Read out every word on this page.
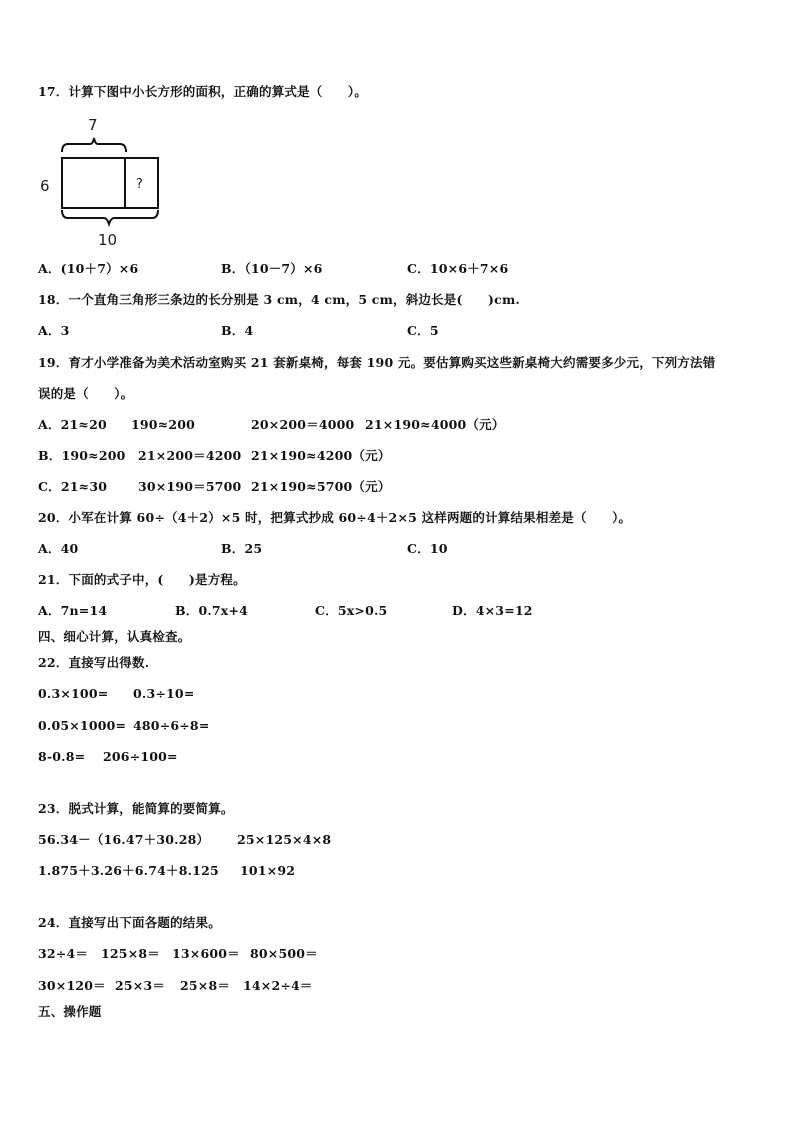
17．计算下图中小长方形的面积，正确的算式是（　　）。
7
?
6
10
A．(10＋7）×6	B．（10－7）×6	C．10×6＋7×6
18．一个直角三角形三条边的长分别是 3 cm，4 cm，5 cm，斜边长是(　　)cm.
A．3	B．4	C．5
19．育才小学准备为美术活动室购买 21 套新桌椅，每套 190 元。要估算购买这些新桌椅大约需要多少元，下列方法错
误的是（　　）。
A．21≈20 190≈200	20×200＝4000 21×190≈4000（元）
B．190≈200 21×200＝4200 21×190≈4200（元）
C．21≈30 30×190＝5700 21×190≈5700（元）
20．小军在计算 60÷（4＋2）×5 时，把算式抄成 60÷4＋2×5 这样两题的计算结果相差是（　　）。
A．40	B．25	C．10
21．下面的式子中，(　　)是方程。
A．7n=14	B．0.7x+4	C．5x>0.5	D．4×3=12
四、细心计算，认真检查。
22．直接写出得数.
0.3×100= 0.3÷10=
0.05×1000= 480÷6÷8=
8-0.8= 206÷100=
23．脱式计算，能简算的要简算。
56.34－（16.47＋30.28） 25×125×4×8
1.875＋3.26＋6.74＋8.125 101×92
24．直接写出下面各题的结果。
32÷4＝ 125×8＝ 13×600＝ 80×500＝
30×120＝ 25×3＝ 25×8＝ 14×2÷4＝
五、操作题
